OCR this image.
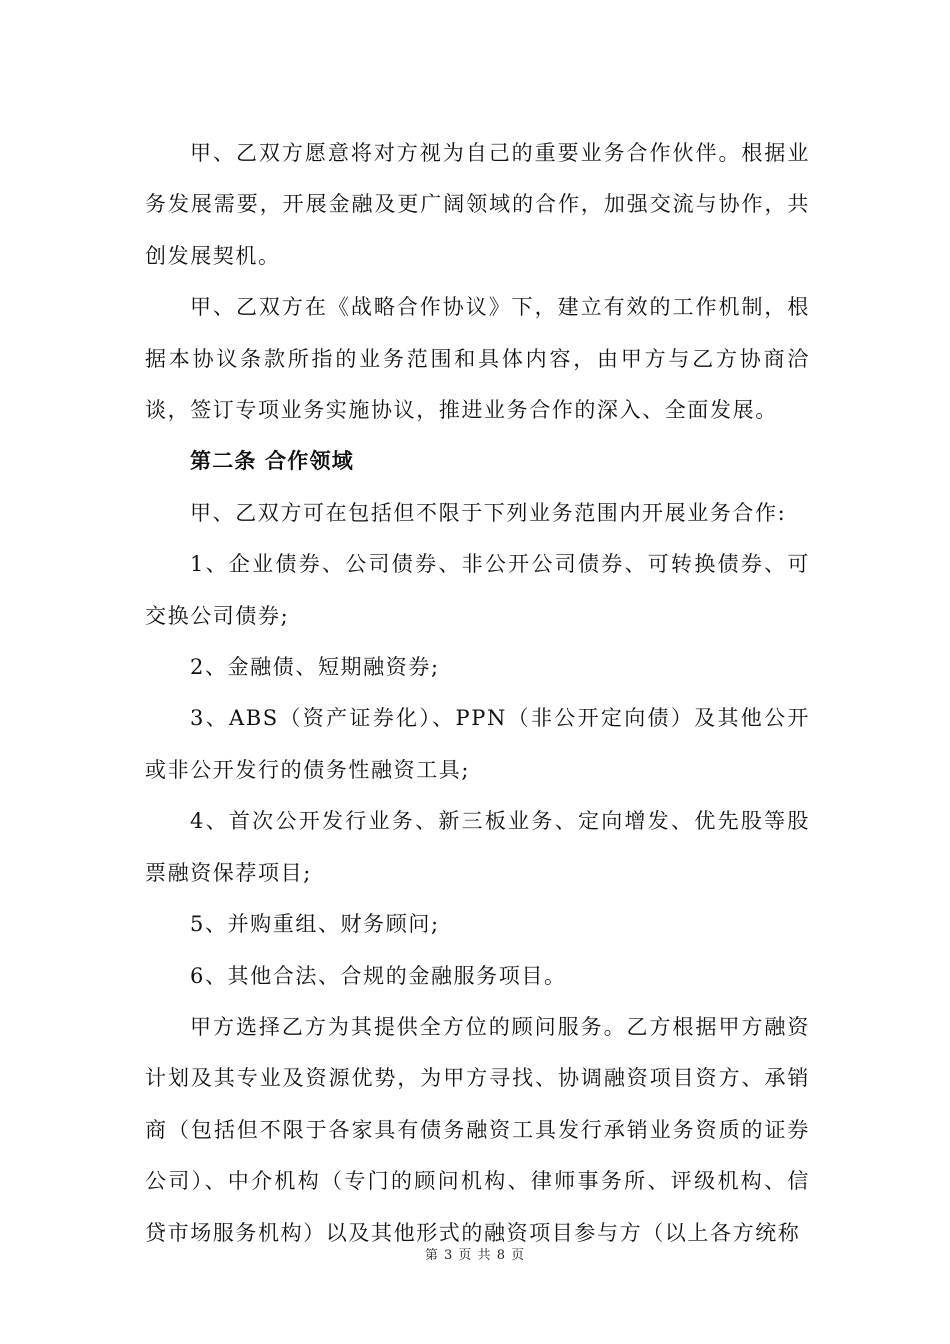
甲、乙双方愿意将对方视为自己的重要业务合作伙伴。根据业务发展需要，开展金融及更广阔领域的合作，加强交流与协作，共创发展契机。

甲、乙双方在《战略合作协议》下，建立有效的工作机制，根据本协议条款所指的业务范围和具体内容，由甲方与乙方协商洽谈，签订专项业务实施协议，推进业务合作的深入、全面发展。

第二条 合作领域

甲、乙双方可在包括但不限于下列业务范围内开展业务合作:

1、企业债券、公司债券、非公开公司债券、可转换债券、可交换公司债券;

2、金融债、短期融资券;

3、ABS（资产证券化）、PPN（非公开定向债）及其他公开或非公开发行的债务性融资工具;

4、首次公开发行业务、新三板业务、定向增发、优先股等股票融资保荐项目;

5、并购重组、财务顾问;

6、其他合法、合规的金融服务项目。

甲方选择乙方为其提供全方位的顾问服务。乙方根据甲方融资计划及其专业及资源优势，为甲方寻找、协调融资项目资方、承销商（包括但不限于各家具有债务融资工具发行承销业务资质的证券公司）、中介机构（专门的顾问机构、律师事务所、评级机构、信贷市场服务机构）以及其他形式的融资项目参与方（以上各方统称

第 3 页 共 8 页
